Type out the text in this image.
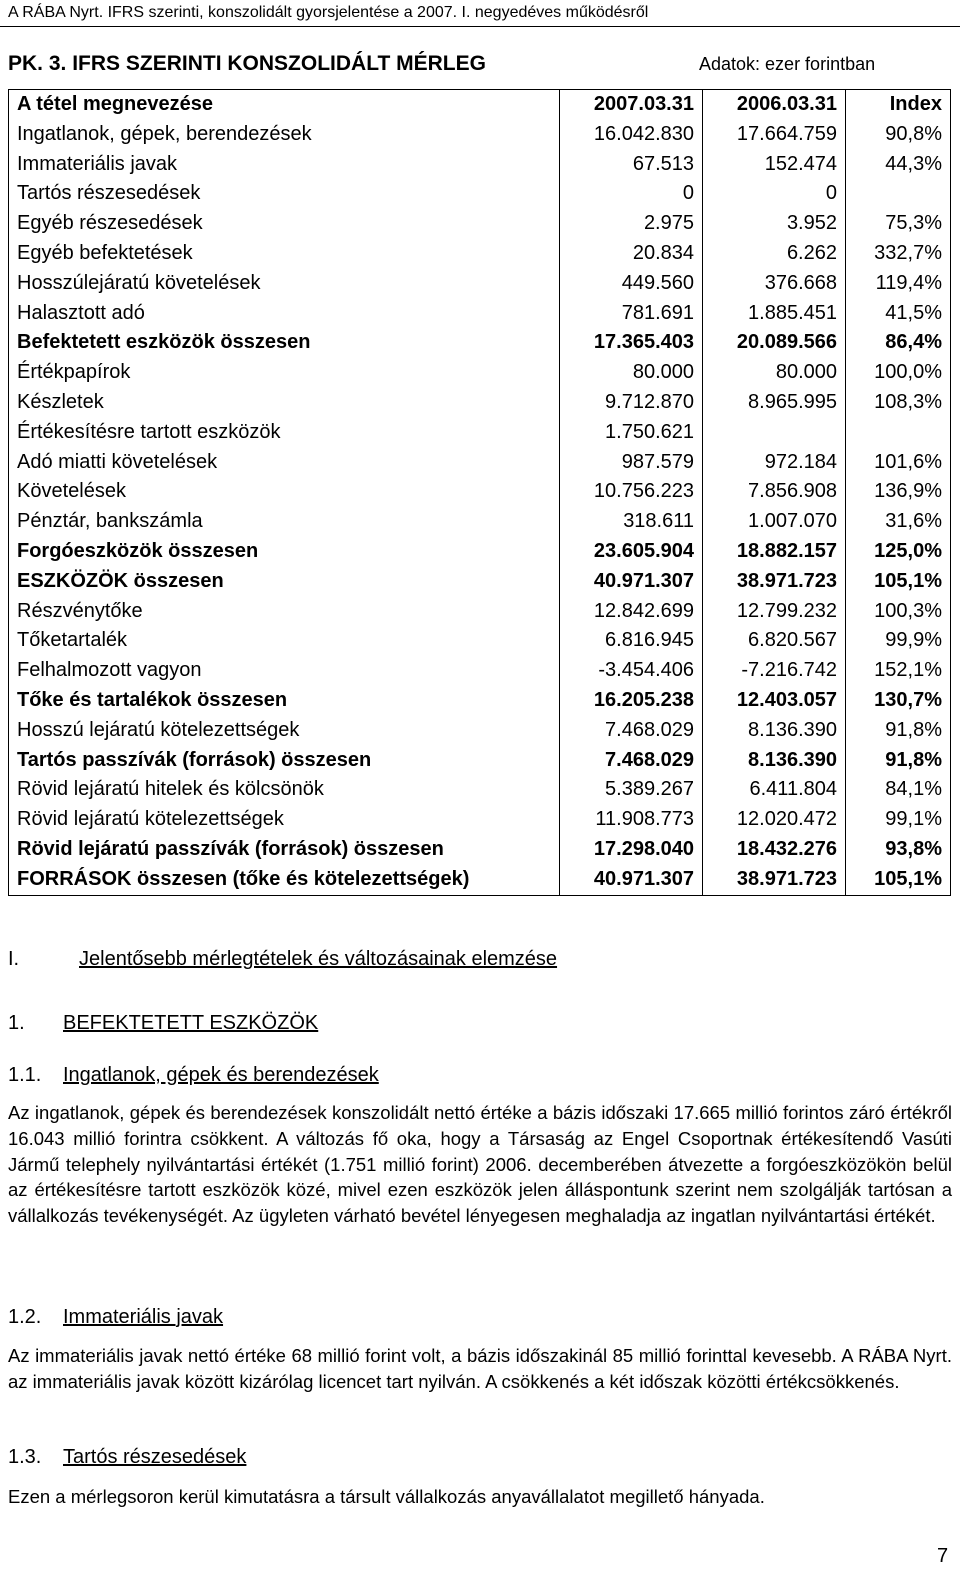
A RÁBA Nyrt. IFRS szerinti, konszolidált gyorsjelentése a 2007. I. negyedéves működésről
PK. 3. IFRS SZERINTI KONSZOLIDÁLT MÉRLEG	Adatok: ezer forintban
A tétel megnevezése	2007.03.31	2006.03.31	Index
Ingatlanok, gépek, berendezések	16.042.830	17.664.759	90,8%
Immateriális javak	67.513	152.474	44,3%
Tartós részesedések	0	0	
Egyéb részesedések	2.975	3.952	75,3%
Egyéb befektetések	20.834	6.262	332,7%
Hosszúlejáratú követelések	449.560	376.668	119,4%
Halasztott adó	781.691	1.885.451	41,5%
Befektetett eszközök összesen	17.365.403	20.089.566	86,4%
Értékpapírok	80.000	80.000	100,0%
Készletek	9.712.870	8.965.995	108,3%
Értékesítésre tartott eszközök	1.750.621		
Adó miatti követelések	987.579	972.184	101,6%
Követelések	10.756.223	7.856.908	136,9%
Pénztár, bankszámla	318.611	1.007.070	31,6%
Forgóeszközök összesen	23.605.904	18.882.157	125,0%
ESZKÖZÖK összesen	40.971.307	38.971.723	105,1%
Részvénytőke	12.842.699	12.799.232	100,3%
Tőketartalék	6.816.945	6.820.567	99,9%
Felhalmozott vagyon	-3.454.406	-7.216.742	152,1%
Tőke és tartalékok összesen	16.205.238	12.403.057	130,7%
Hosszú lejáratú kötelezettségek	7.468.029	8.136.390	91,8%
Tartós passzívák (források) összesen	7.468.029	8.136.390	91,8%
Rövid lejáratú hitelek és kölcsönök	5.389.267	6.411.804	84,1%
Rövid lejáratú kötelezettségek	11.908.773	12.020.472	99,1%
Rövid lejáratú passzívák (források) összesen	17.298.040	18.432.276	93,8%
FORRÁSOK összesen (tőke és kötelezettségek)	40.971.307	38.971.723	105,1%
I.	Jelentősebb mérlegtételek és változásainak elemzése
1. BEFEKTETETT ESZKÖZÖK
1.1. Ingatlanok, gépek és berendezések
Az ingatlanok, gépek és berendezések konszolidált nettó értéke a bázis időszaki 17.665 millió forintos záró értékről 16.043 millió forintra csökkent. A változás fő oka, hogy a Társaság az Engel Csoportnak értékesítendő Vasúti Jármű telephely nyilvántartási értékét (1.751 millió forint) 2006. decemberében átvezette a forgóeszközökön belül az értékesítésre tartott eszközök közé, mivel ezen eszközök jelen álláspontunk szerint nem szolgálják tartósan a vállalkozás tevékenységét. Az ügyleten várható bevétel lényegesen meghaladja az ingatlan nyilvántartási értékét.
1.2. Immateriális javak
Az immateriális javak nettó értéke 68 millió forint volt, a bázis időszakinál 85 millió forinttal kevesebb. A RÁBA Nyrt. az immateriális javak között kizárólag licencet tart nyilván. A csökkenés a két időszak közötti értékcsökkenés.
1.3. Tartós részesedések
Ezen a mérlegsoron kerül kimutatásra a társult vállalkozás anyavállalatot megillető hányada.
7
